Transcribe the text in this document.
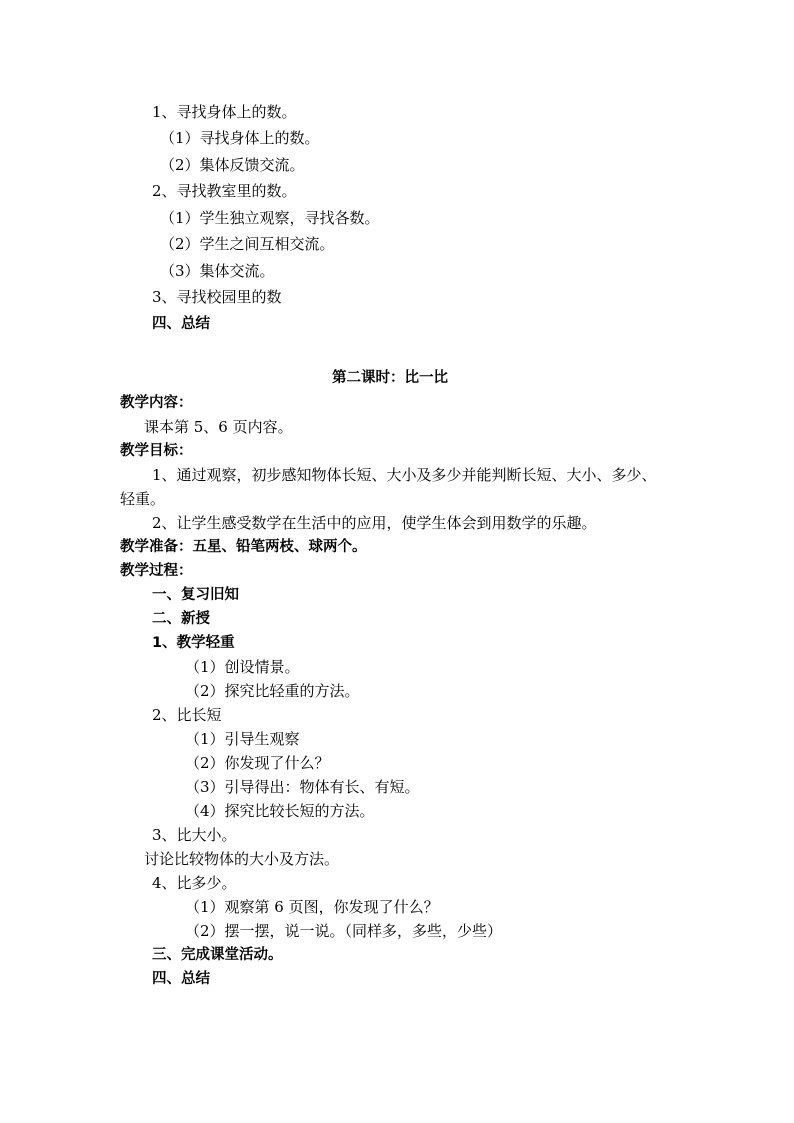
1、寻找身体上的数。
（1）寻找身体上的数。
（2）集体反馈交流。
2、寻找教室里的数。
（1）学生独立观察，寻找各数。
（2）学生之间互相交流。
（3）集体交流。
3、寻找校园里的数
四、总结
第二课时：比一比
教学内容：
课本第 5、6 页内容。
教学目标：
1、通过观察，初步感知物体长短、大小及多少并能判断长短、大小、多少、
轻重。
2、让学生感受数学在生活中的应用，使学生体会到用数学的乐趣。
教学准备：五星、铅笔两枝、球两个。
教学过程：
一、复习旧知
二、新授
1、教学轻重
（1）创设情景。
（2）探究比轻重的方法。
2、比长短
（1）引导生观察
（2）你发现了什么？
（3）引导得出：物体有长、有短。
（4）探究比较长短的方法。
3、比大小。
讨论比较物体的大小及方法。
4、比多少。
（1）观察第 6 页图，你发现了什么？
（2）摆一摆，说一说。（同样多，多些，少些）
三、完成课堂活动。
四、总结
